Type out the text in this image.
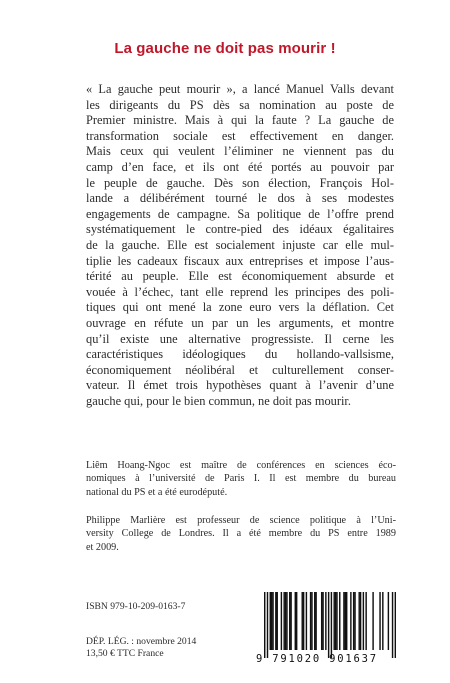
La gauche ne doit pas mourir !
« La gauche peut mourir », a lancé Manuel Valls devant
les dirigeants du PS dès sa nomination au poste de
Premier ministre. Mais à qui la faute ? La gauche de
transformation sociale est effectivement en danger.
Mais ceux qui veulent l’éliminer ne viennent pas du
camp d’en face, et ils ont été portés au pouvoir par
le peuple de gauche. Dès son élection, François Hol-
lande a délibérément tourné le dos à ses modestes
engagements de campagne. Sa politique de l’offre prend
systématiquement le contre-pied des idéaux égalitaires
de la gauche. Elle est socialement injuste car elle mul-
tiplie les cadeaux fiscaux aux entreprises et impose l’aus-
térité au peuple. Elle est économiquement absurde et
vouée à l’échec, tant elle reprend les principes des poli-
tiques qui ont mené la zone euro vers la déflation. Cet
ouvrage en réfute un par un les arguments, et montre
qu’il existe une alternative progressiste. Il cerne les
caractéristiques idéologiques du hollando-vallsisme,
économiquement néolibéral et culturellement conser-
vateur. Il émet trois hypothèses quant à l’avenir d’une
gauche qui, pour le bien commun, ne doit pas mourir.
Liêm Hoang-Ngoc est maître de conférences en sciences éco-
nomiques à l’université de Paris I. Il est membre du bureau
national du PS et a été eurodéputé.
Philippe Marlière est professeur de science politique à l’Uni-
versity College de Londres. Il a été membre du PS entre 1989
et 2009.
ISBN 979-10-209-0163-7
DÉP. LÉG. : novembre 2014
13,50 € TTC France	9 791020 901637
